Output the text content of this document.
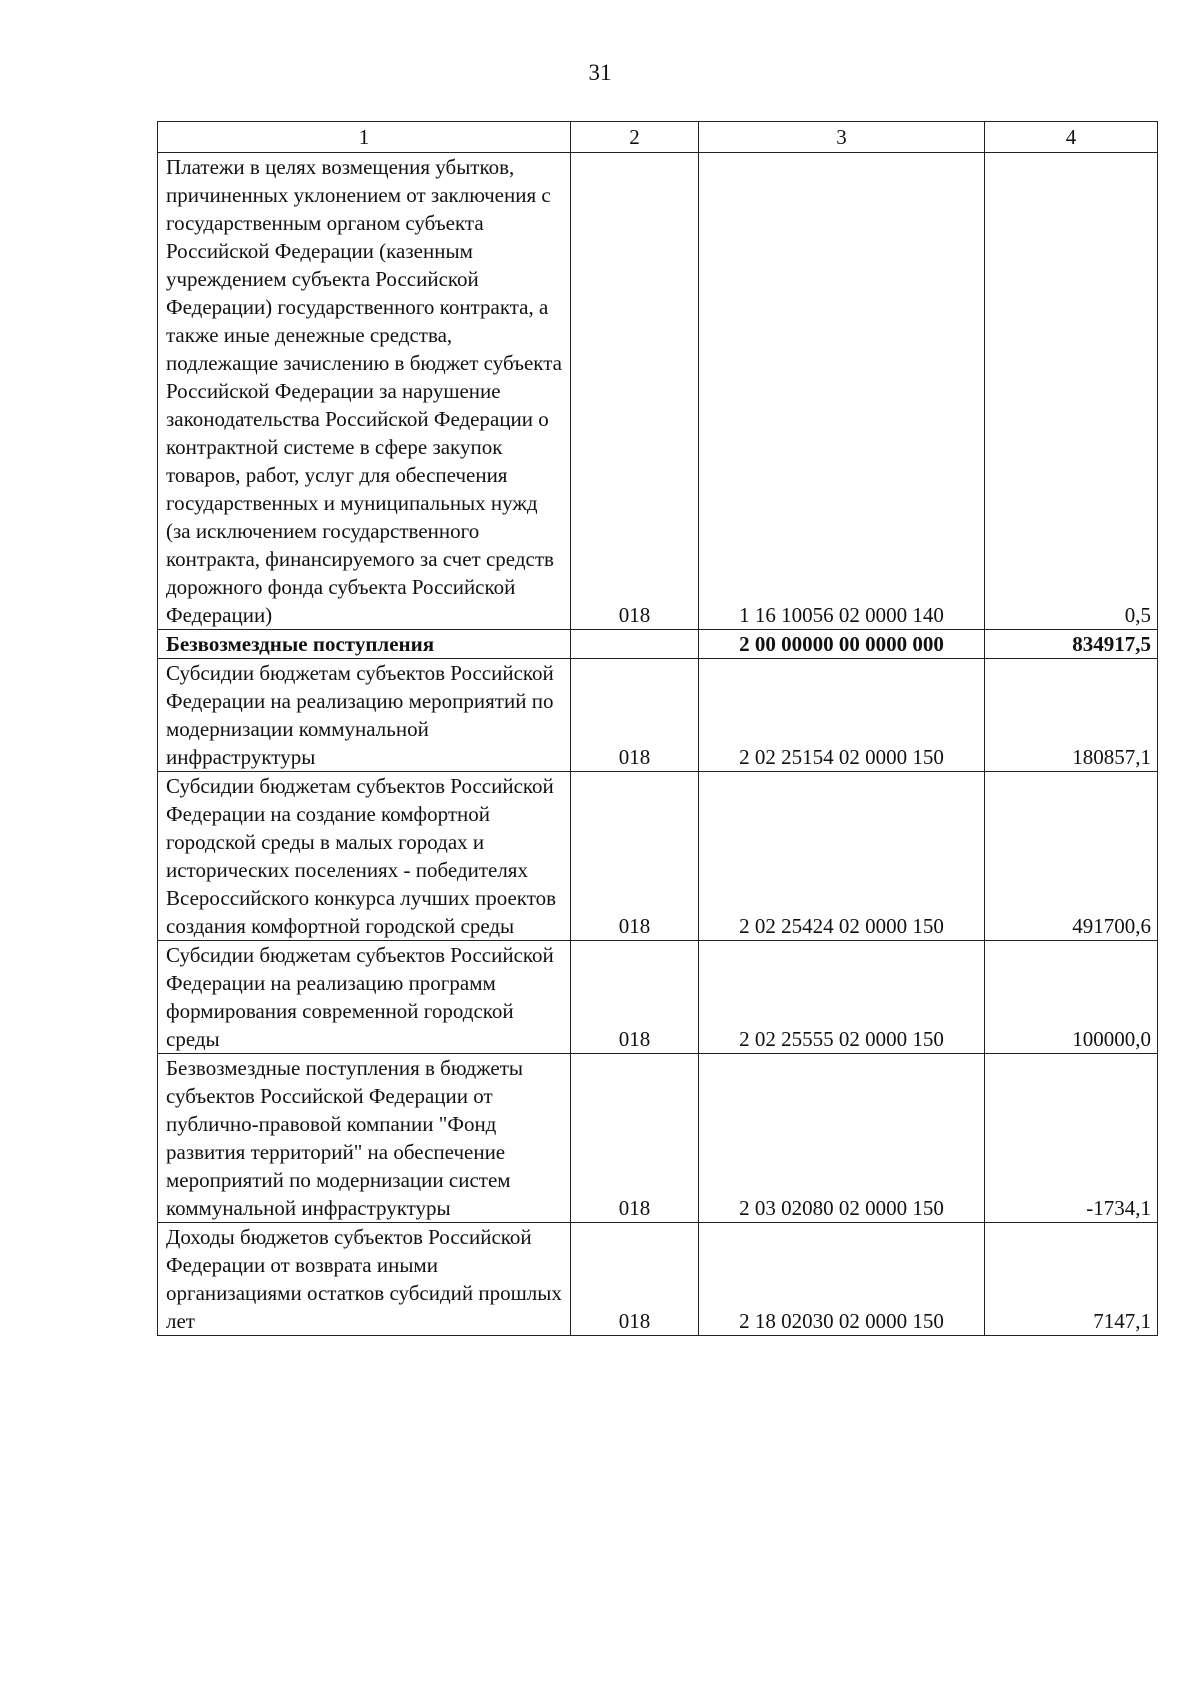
31
1	2	3	4
Платежи в целях возмещения убытков, причиненных уклонением от заключения с государственным органом субъекта Российской Федерации (казенным учреждением субъекта Российской Федерации) государственного контракта, а также иные денежные средства, подлежащие зачислению в бюджет субъекта Российской Федерации за нарушение законодательства Российской Федерации о контрактной системе в сфере закупок товаров, работ, услуг для обеспечения государственных и муниципальных нужд (за исключением государственного контракта, финансируемого за счет средств дорожного фонда субъекта Российской Федерации)	018	1 16 10056 02 0000 140	0,5
Безвозмездные поступления		2 00 00000 00 0000 000	834917,5
Субсидии бюджетам субъектов Российской Федерации на реализацию мероприятий по модернизации коммунальной инфраструктуры	018	2 02 25154 02 0000 150	180857,1
Субсидии бюджетам субъектов Российской Федерации на создание комфортной городской среды в малых городах и исторических поселениях - победителях Всероссийского конкурса лучших проектов создания комфортной городской среды	018	2 02 25424 02 0000 150	491700,6
Субсидии бюджетам субъектов Российской Федерации на реализацию программ формирования современной городской среды	018	2 02 25555 02 0000 150	100000,0
Безвозмездные поступления в бюджеты субъектов Российской Федерации от публично-правовой компании "Фонд развития территорий" на обеспечение мероприятий по модернизации систем коммунальной инфраструктуры	018	2 03 02080 02 0000 150	-1734,1
Доходы бюджетов субъектов Российской Федерации от возврата иными организациями остатков субсидий прошлых лет	018	2 18 02030 02 0000 150	7147,1
